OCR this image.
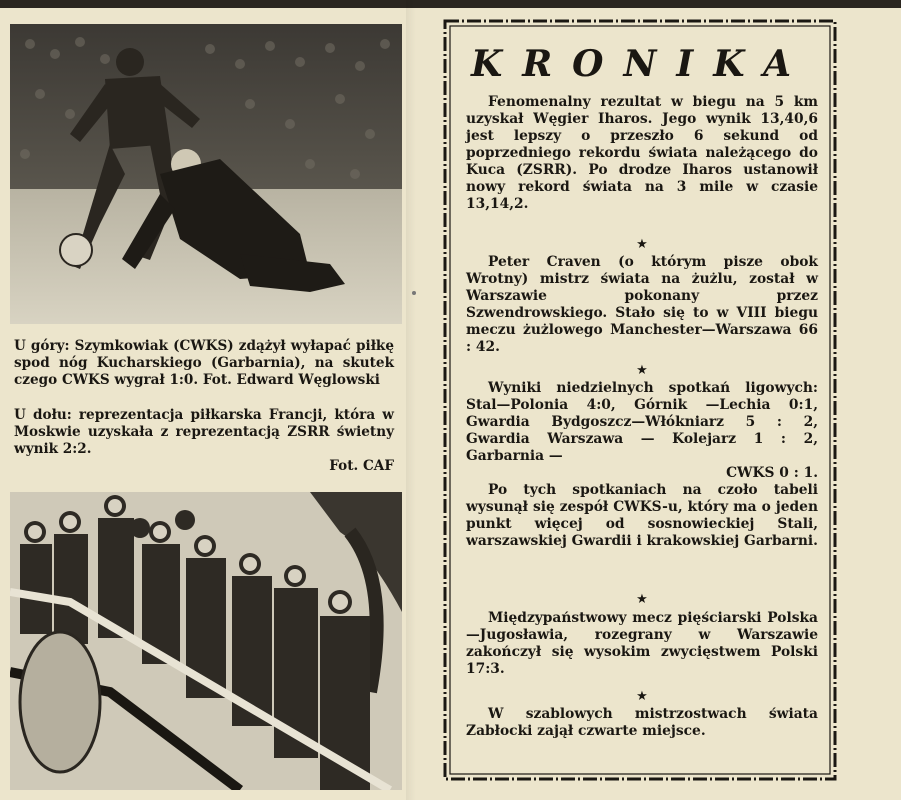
U góry: Szymkowiak (CWKS) zdążył wyłapać piłkę spod nóg Kucharskiego (Garbarnia), na skutek czego CWKS wygrał 1:0. Fot. Edward Węglowski
U dołu: reprezentacja piłkarska Francji, która w Moskwie uzyskała z reprezentacją ZSRR świetny wynik 2:2.
Fot. CAF
KRONIKA

Fenomenalny rezultat w biegu na 5 km uzyskał Węgier Iharos. Jego wynik 13,40,6 jest lepszy o przeszło 6 sekund od poprzedniego rekordu świata należącego do Kuca (ZSRR). Po drodze Iharos ustanowił nowy rekord świata na 3 mile w czasie 13,14,2.

★

Peter Craven (o którym pisze obok Wrotny) mistrz świata na żużlu, został w Warszawie pokonany przez Szwendrowskiego. Stało się to w VIII biegu meczu żużlowego Manchester—Warszawa 66 : 42.

★

Wyniki niedzielnych spotkań ligowych: Stal—Polonia 4:0, Górnik —Lechia 0:1, Gwardia Bydgoszcz—Włókniarz 5 : 2, Gwardia Warszawa — Kolejarz 1 : 2, Garbarnia —

CWKS 0 : 1.

Po tych spotkaniach na czoło tabeli wysunął się zespół CWKS-u, który ma o jeden punkt więcej od sosnowieckiej Stali, warszawskiej Gwardii i krakowskiej Garbarni.

★

Międzypaństwowy mecz pięściarski Polska—Jugosławia, rozegrany w Warszawie zakończył się wysokim zwycięstwem Polski 17:3.

★

W szablowych mistrzostwach świata Zabłocki zajął czwarte miejsce.
